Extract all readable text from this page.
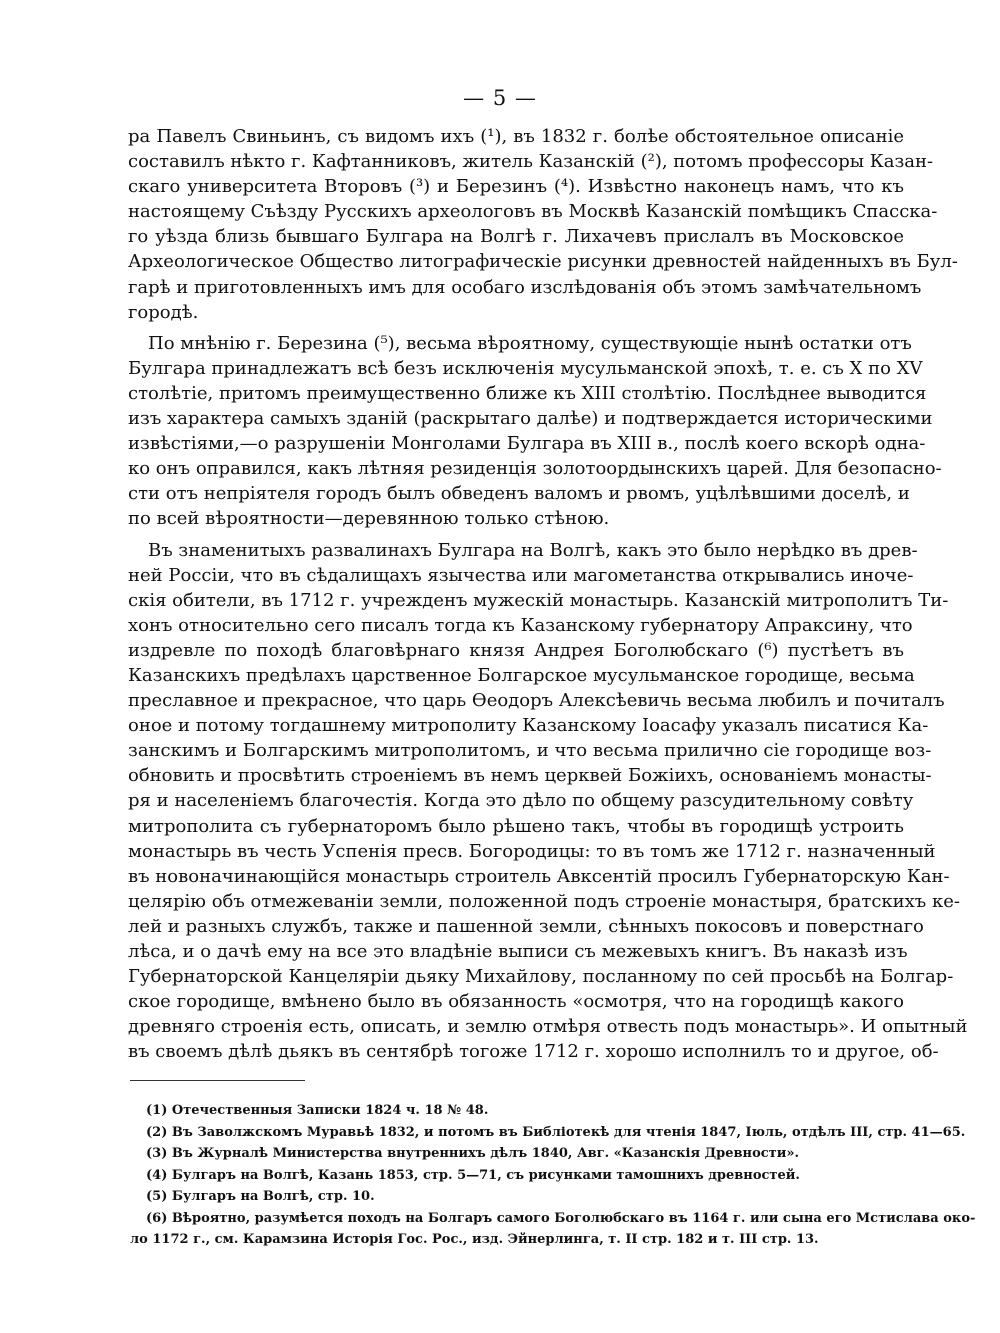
— 5 —
ра Павелъ Свиньинъ, съ видомъ ихъ (¹), въ 1832 г. болѣе обстоятельное описаніе
составилъ нѣкто г. Кафтанниковъ, житель Казанскій (²), потомъ профессоры Казан-
скаго университета Второвъ (³) и Березинъ (⁴). Извѣстно наконецъ намъ, что къ
настоящему Съѣзду Русскихъ археологовъ въ Москвѣ Казанскій помѣщикъ Спасска-
го уѣзда близь бывшаго Булгара на Волгѣ г. Лихачевъ прислалъ въ Московское
Археологическое Общество литографическіе рисунки древностей найденныхъ въ Бул-
гарѣ и приготовленныхъ имъ для особагo изслѣдованія объ этомъ замѣчательномъ
городѣ.
По мнѣнію г. Березина (⁵), весьма вѣроятному, существующіе нынѣ остатки отъ
Булгара принадлежатъ всѣ безъ исключенія мусульманской эпохѣ, т. е. съ X по XV
столѣтіе, притомъ преимущественно ближе къ XIII столѣтію. Послѣднее выводится
изъ характера самыхъ зданій (раскрытаго далѣе) и подтверждается историческими
извѣстіями,—о разрушеніи Монголами Булгара въ XIII в., послѣ коего вскорѣ одна-
ко онъ оправился, какъ лѣтняя резиденція золотоордынскихъ царей. Для безопасно-
сти отъ непріятеля городъ былъ обведенъ валомъ и рвомъ, уцѣлѣвшими доселѣ, и
по всей вѣроятности—деревянною только стѣною.
Въ знаменитыхъ развалинахъ Булгара на Волгѣ, какъ это было нерѣдко въ древ-
ней Россіи, что въ сѣдалищахъ язычества или магометанства открывались иноче-
скія обители, въ 1712 г. учрежденъ мужескій монастырь. Казанскій митрополитъ Ти-
хонъ относительно сего писалъ тогда къ Казанскому губернатору Апраксину, что
издревле по походѣ благовѣрнаго князя Андрея Боголюбскаго (⁶) пустѣетъ въ
Казанскихъ предѣлахъ царственное Болгарское мусульманское городище, весьма
преславное и прекрасное, что царь Ѳеодоръ Алексѣевичь весьма любилъ и почиталъ
оное и потому тогдашнему митрополиту Казанскому Іоасафу указалъ писатися Ка-
занскимъ и Болгарскимъ митрополитомъ, и что весьма прилично сіе городище воз-
обновить и просвѣтить строеніемъ въ немъ церквей Божіихъ, основаніемъ монасты-
ря и населеніемъ благочестія. Когда это дѣло по общему разсудительному совѣту
митрополита съ губернаторомъ было рѣшено такъ, чтобы въ городищѣ устроить
монастырь въ честь Успенія пресв. Богородицы: то въ томъ же 1712 г. назначенный
въ новоначинающійся монастырь строитель Авксентій просилъ Губернаторскую Кан-
целярію объ отмежеваніи земли, положенной подъ строеніе монастыря, братскихъ ке-
лей и разныхъ службъ, также и пашенной земли, сѣнныхъ покосовъ и поверстнаго
лѣса, и о дачѣ ему на все это владѣніе выписи съ межевыхъ книгъ. Въ наказѣ изъ
Губернаторской Канцеляріи дьяку Михайлову, посланному по сей просьбѣ на Болгар-
ское городище, вмѣнено было въ обязанность «осмотря, что на городищѣ какого
древняго строенія есть, описать, и землю отмѣря отвесть подъ монастырь». И опытный
въ своемъ дѣлѣ дьякъ въ сентябрѣ тогоже 1712 г. хорошо исполнилъ то и другое, об-
(1) Отечественныя Записки 1824 ч. 18 № 48.
(2) Въ Заволжскомъ Муравьѣ 1832, и потомъ въ Библіотекѣ для чтенія 1847, Іюль, отдѣлъ III, стр. 41—65.
(3) Въ Журналѣ Министерства внутреннихъ дѣлъ 1840, Авг. «Казанскія Древности».
(4) Булгаръ на Волгѣ, Казань 1853, стр. 5—71, съ рисунками тамошнихъ древностей.
(5) Булгаръ на Волгѣ, стр. 10.
(6) Вѣроятно, разумѣется походъ на Болгаръ самого Боголюбскаго въ 1164 г. или сына его Мстислава око-
ло 1172 г., см. Карамзина Исторія Гос. Рос., изд. Эйнерлинга, т. II стр. 182 и т. III стр. 13.
